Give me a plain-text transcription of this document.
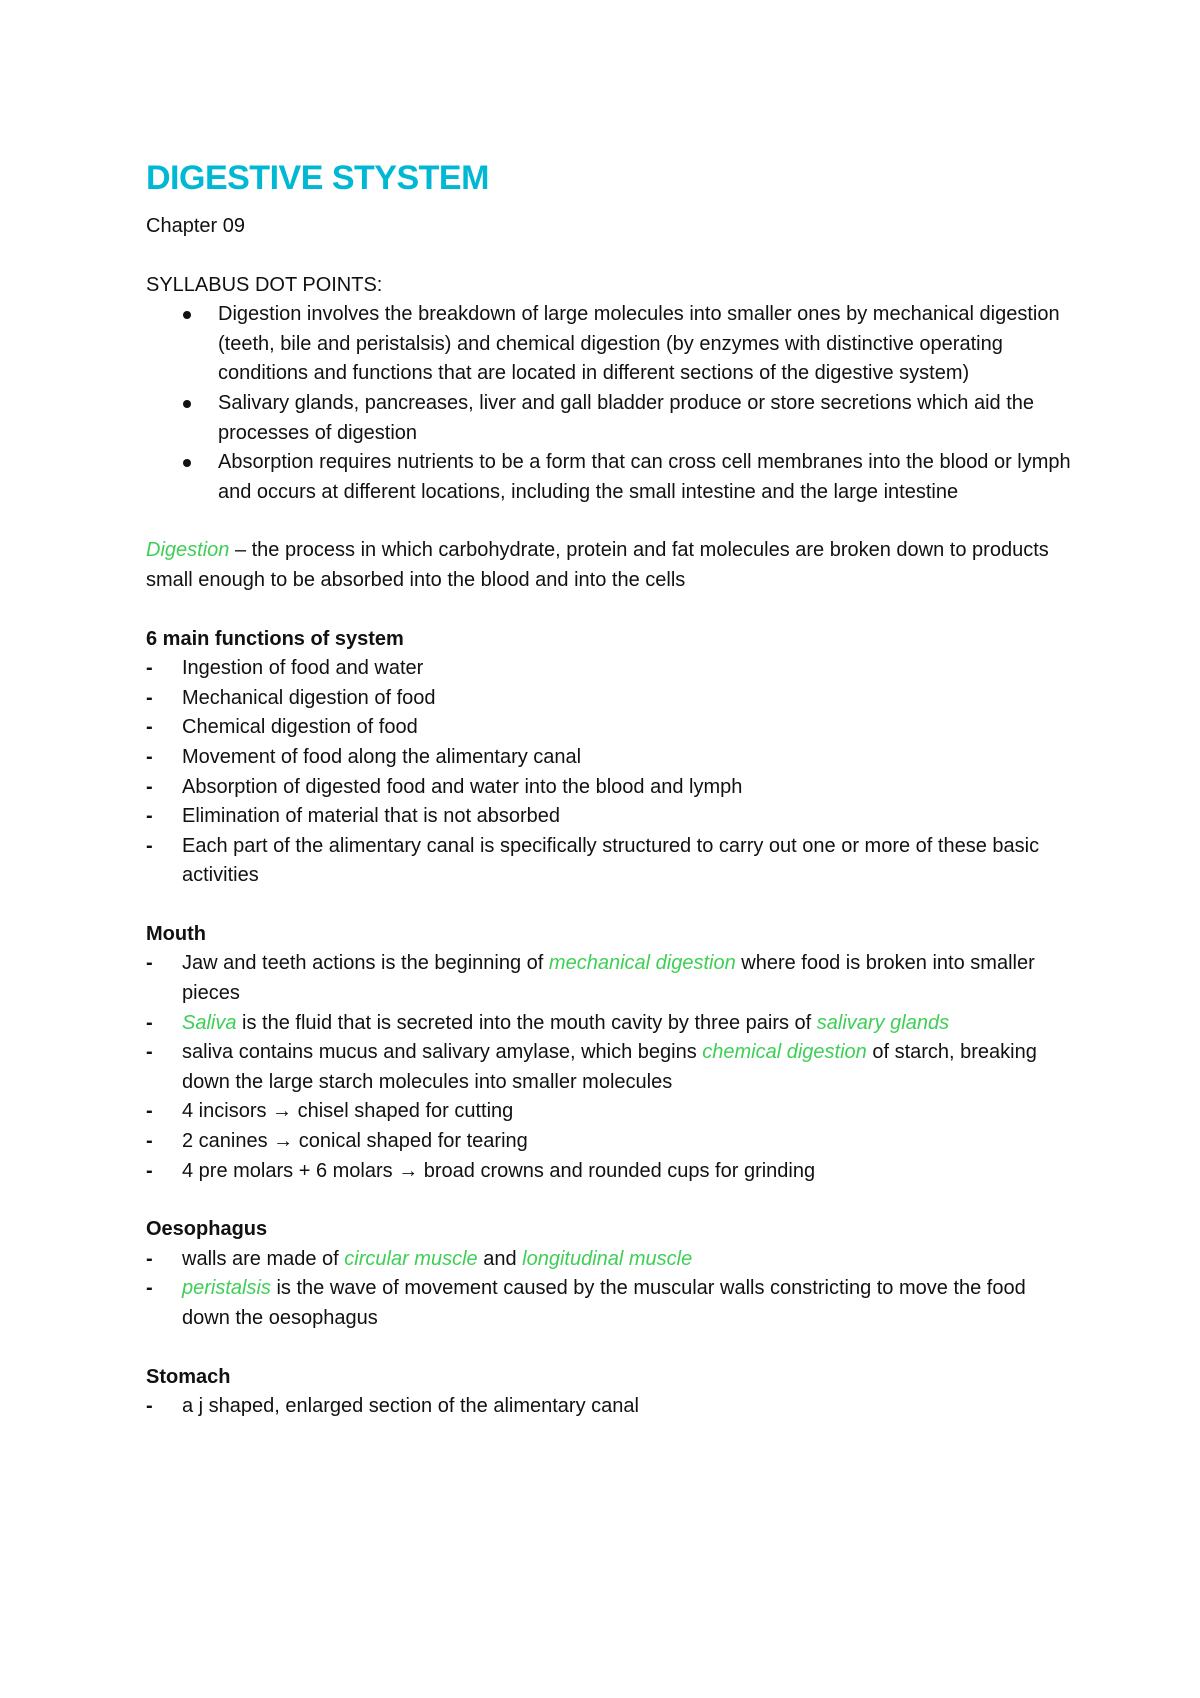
DIGESTIVE STYSTEM

Chapter 09

SYLLABUS DOT POINTS:

Digestion involves the breakdown of large molecules into smaller ones by mechanical digestion (teeth, bile and peristalsis) and chemical digestion (by enzymes with distinctive operating conditions and functions that are located in different sections of the digestive system)
Salivary glands, pancreases, liver and gall bladder produce or store secretions which aid the processes of digestion
Absorption requires nutrients to be a form that can cross cell membranes into the blood or lymph and occurs at different locations, including the small intestine and the large intestine

Digestion – the process in which carbohydrate, protein and fat molecules are broken down to products small enough to be absorbed into the blood and into the cells

6 main functions of system

- Ingestion of food and water
- Mechanical digestion of food
- Chemical digestion of food
- Movement of food along the alimentary canal
- Absorption of digested food and water into the blood and lymph
- Elimination of material that is not absorbed
- Each part of the alimentary canal is specifically structured to carry out one or more of these basic activities

Mouth

- Jaw and teeth actions is the beginning of mechanical digestion where food is broken into smaller pieces
- Saliva is the fluid that is secreted into the mouth cavity by three pairs of salivary glands
- saliva contains mucus and salivary amylase, which begins chemical digestion of starch, breaking down the large starch molecules into smaller molecules
- 4 incisors → chisel shaped for cutting
- 2 canines → conical shaped for tearing
- 4 pre molars + 6 molars → broad crowns and rounded cups for grinding

Oesophagus

- walls are made of circular muscle and longitudinal muscle
- peristalsis is the wave of movement caused by the muscular walls constricting to move the food down the oesophagus

Stomach

- a j shaped, enlarged section of the alimentary canal
